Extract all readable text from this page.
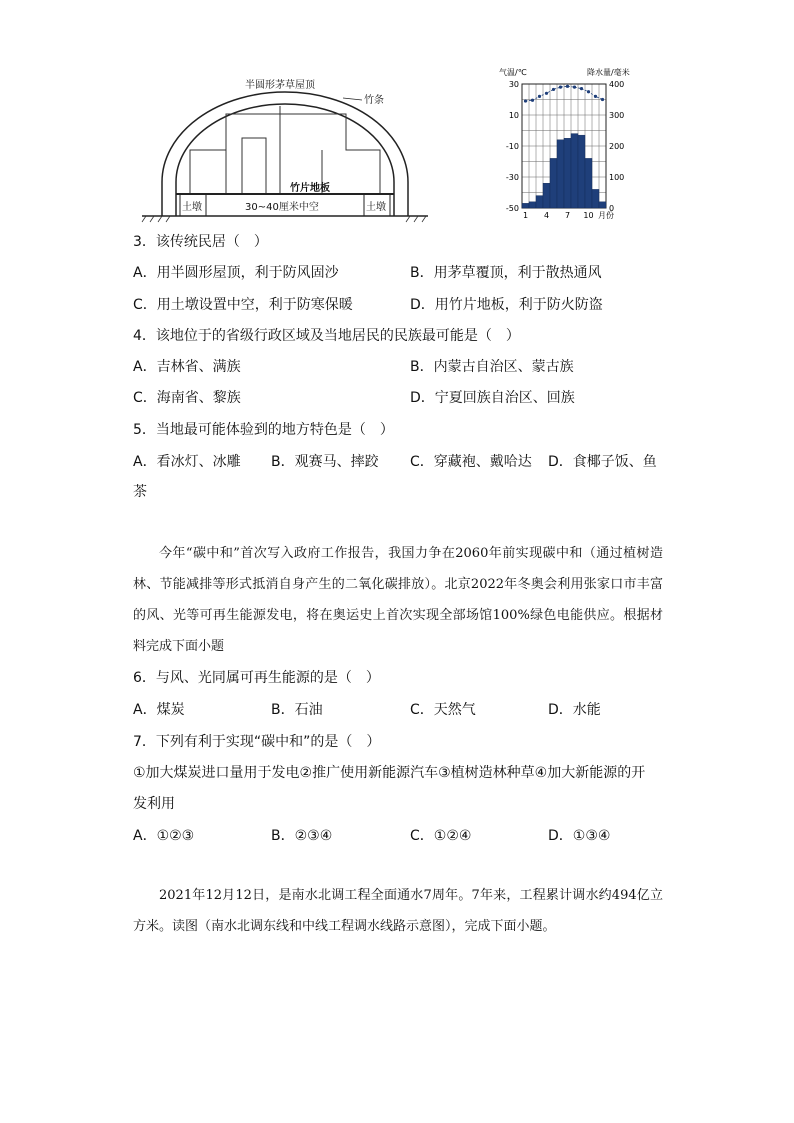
半圆形茅草屋顶
竹条
竹片地板
30~40厘米中空
土墩	土墩
气温/℃	降水量/毫米
30
10
-10
-30
-50
400
300
200
100
0
1 4 7 10 月份
3．该传统民居（　）
A．用半圆形屋顶，利于防风固沙	B．用茅草覆顶，利于散热通风
C．用土墩设置中空，利于防寒保暖	D．用竹片地板，利于防火防盗
4．该地位于的省级行政区域及当地居民的民族最可能是（　）
A．吉林省、满族	B．内蒙古自治区、蒙古族
C．海南省、黎族	D．宁夏回族自治区、回族
5．当地最可能体验到的地方特色是（　）
A．看冰灯、冰雕 B．观赛马、摔跤 C．穿藏袍、戴哈达 D．食椰子饭、鱼
茶
今年“碳中和”首次写入政府工作报告，我国力争在2060年前实现碳中和（通过植树造林、节能减排等形式抵消自身产生的二氧化碳排放）。北京2022年冬奥会利用张家口市丰富的风、光等可再生能源发电，将在奥运史上首次实现全部场馆100%绿色电能供应。根据材料完成下面小题
6．与风、光同属可再生能源的是（　）
A．煤炭	B．石油	C．天然气	D．水能
7．下列有利于实现“碳中和”的是（　）
①加大煤炭进口量用于发电②推广使用新能源汽车③植树造林种草④加大新能源的开
发利用
A．①②③	B．②③④	C．①②④	D．①③④
2021年12月12日，是南水北调工程全面通水7周年。7年来，工程累计调水约494亿立方米。读图（南水北调东线和中线工程调水线路示意图），完成下面小题。
